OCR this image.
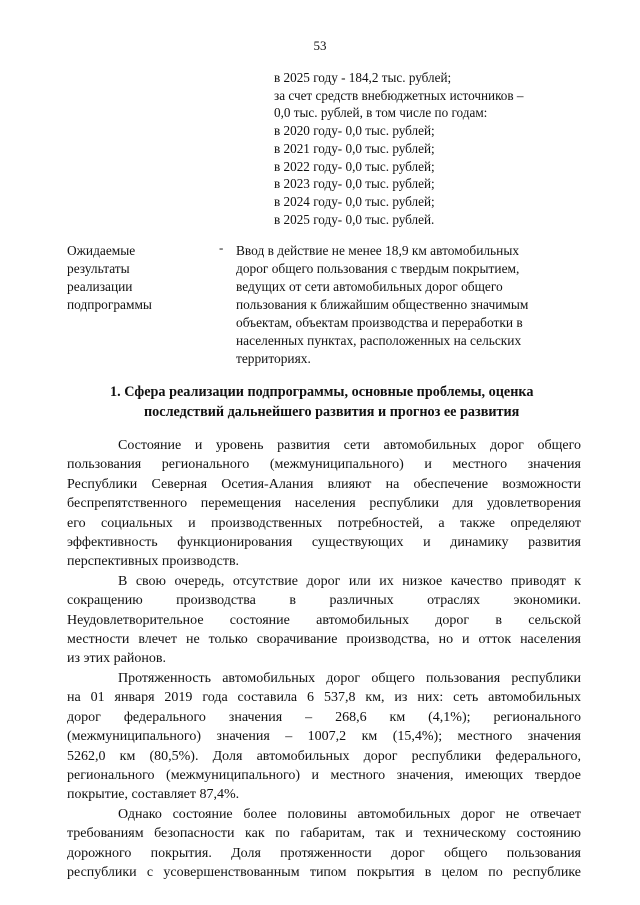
53
в 2025 году - 184,2 тыс. рублей;
за счет средств внебюджетных источников –
0,0 тыс. рублей, в том числе по годам:
в 2020 году- 0,0 тыс. рублей;
в 2021 году- 0,0 тыс. рублей;
в 2022 году- 0,0 тыс. рублей;
в 2023 году- 0,0 тыс. рублей;
в 2024 году- 0,0 тыс. рублей;
в 2025 году- 0,0 тыс. рублей.
Ожидаемые
результаты
реализации
подпрограммы
- Ввод в действие не менее 18,9 км автомобильных
дорог общего пользования с твердым покрытием,
ведущих от сети автомобильных дорог общего
пользования к ближайшим общественно значимым
объектам, объектам производства и переработки в
населенных пунктах, расположенных на сельских
территориях.
1. Сфера реализации подпрограммы, основные проблемы, оценка
последствий дальнейшего развития и прогноз ее развития
Состояние и уровень развития сети автомобильных дорог общего
пользования регионального (межмуниципального) и местного значения
Республики Северная Осетия-Алания влияют на обеспечение возможности
беспрепятственного перемещения населения республики для удовлетворения
его социальных и производственных потребностей, а также определяют
эффективность функционирования существующих и динамику развития
перспективных производств.
В свою очередь, отсутствие дорог или их низкое качество приводят к
сокращению производства в различных отраслях экономики.
Неудовлетворительное состояние автомобильных дорог в сельской
местности влечет не только сворачивание производства, но и отток населения
из этих районов.
Протяженность автомобильных дорог общего пользования республики
на 01 января 2019 года составила 6 537,8 км, из них: сеть автомобильных
дорог федерального значения – 268,6 км (4,1%); регионального
(межмуниципального) значения – 1007,2 км (15,4%); местного значения
5262,0 км (80,5%). Доля автомобильных дорог республики федерального,
регионального (межмуниципального) и местного значения, имеющих твердое
покрытие, составляет 87,4%.
Однако состояние более половины автомобильных дорог не отвечает
требованиям безопасности как по габаритам, так и техническому состоянию
дорожного покрытия. Доля протяженности дорог общего пользования
республики с усовершенствованным типом покрытия в целом по республике
